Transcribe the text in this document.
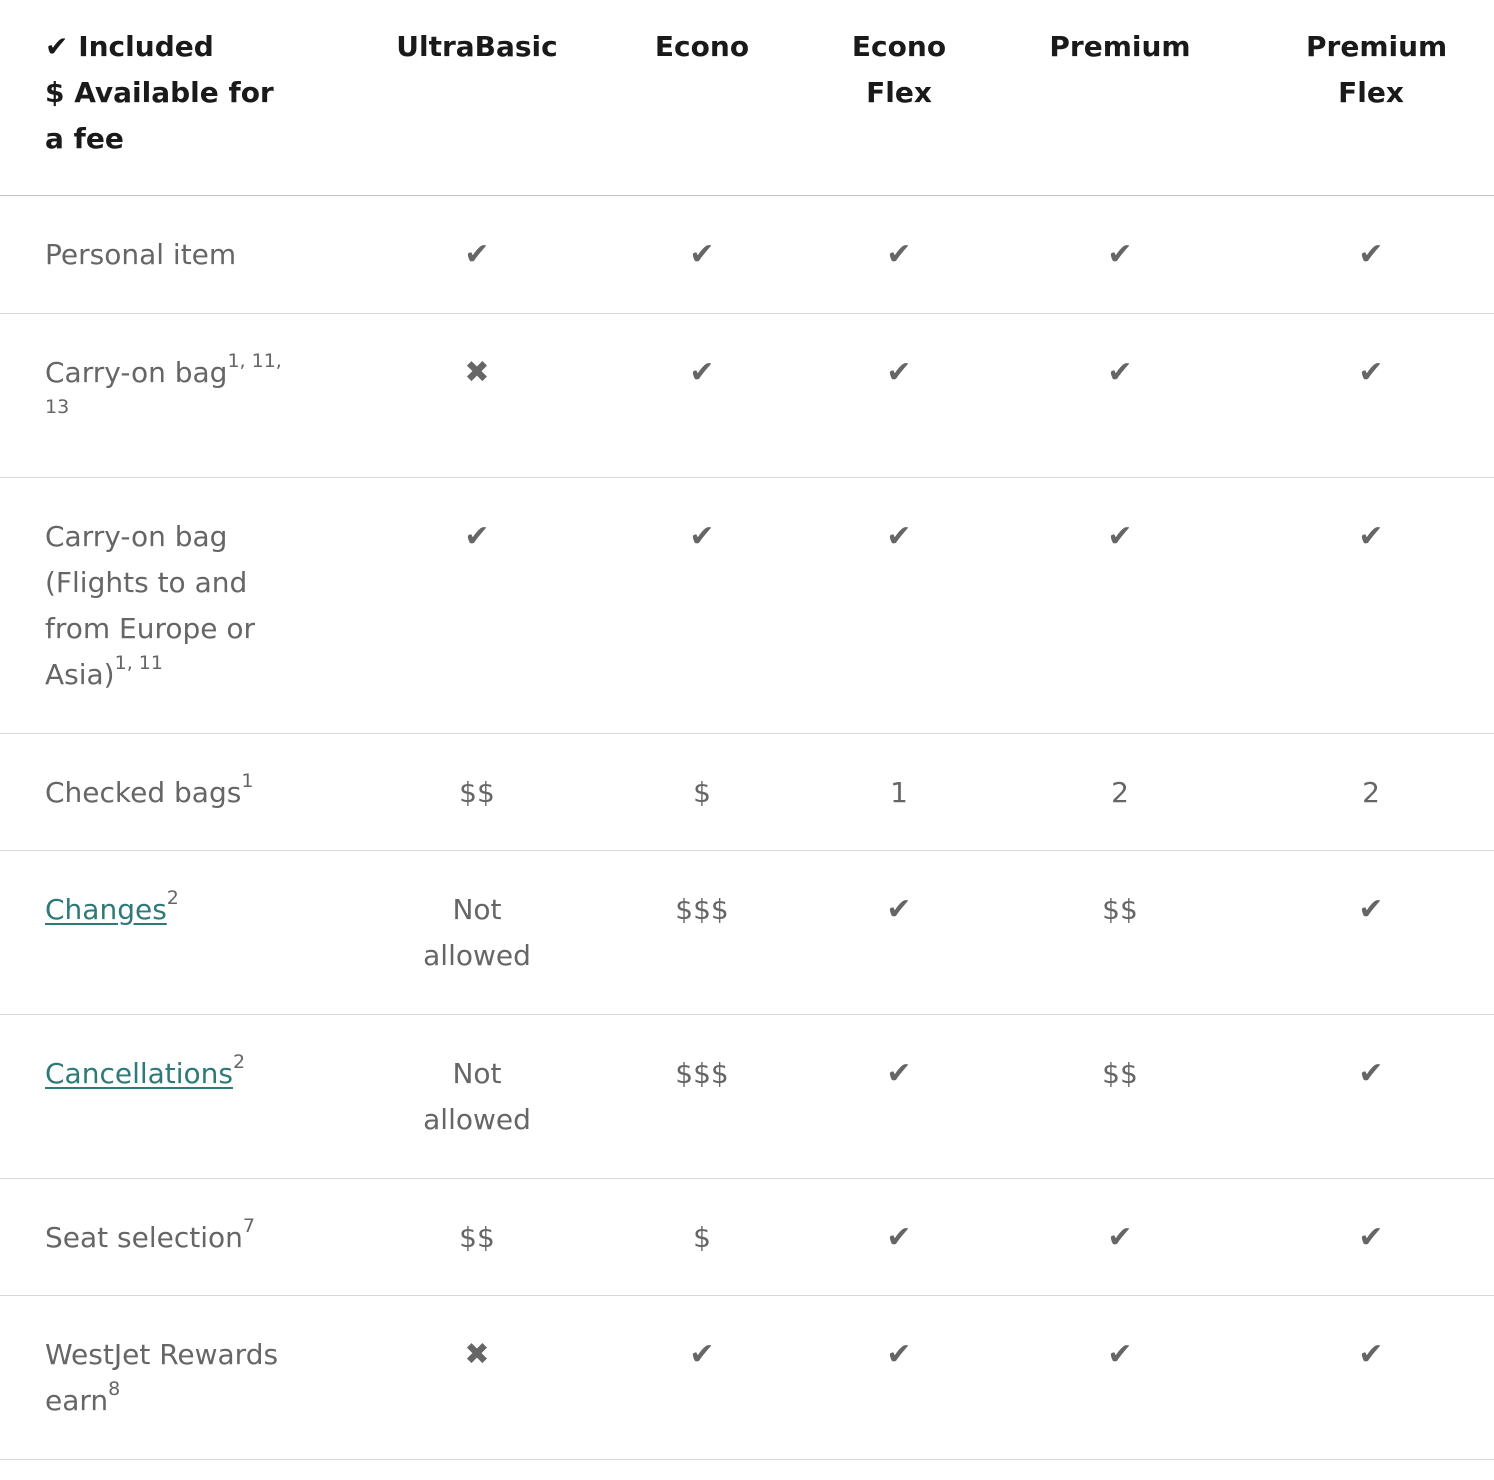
✔ Included
$ Available for a fee	UltraBasic	Econo	Econo Flex	Premium	Premium Flex
Personal item	✔	✔	✔	✔	✔
Carry-on bag$^{1, 11, 13}$	✖	✔	✔	✔	✔
Carry-on bag (Flights to and from Europe or Asia)$^{1, 11}$	✔	✔	✔	✔	✔
Checked bags$^1$	$$	$	1	2	2
Changes$^2$	Not allowed	$$$	✔	$$	✔
Cancellations$^2$	Not allowed	$$$	✔	$$	✔
Seat selection$^7$	$$	$	✔	✔	✔
WestJet Rewards earn$^8$	✖	✔	✔	✔	✔
